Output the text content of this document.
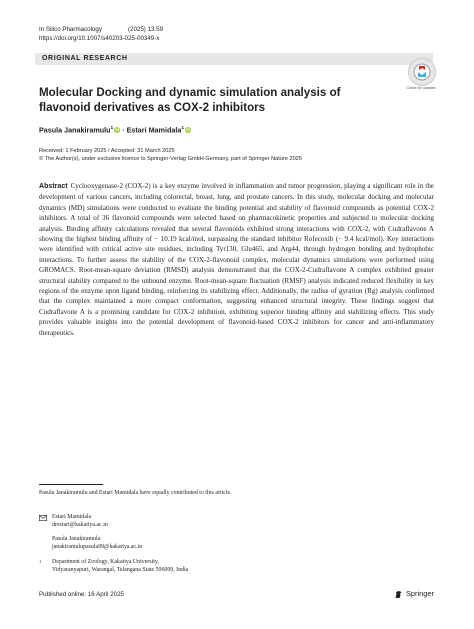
In Silico Pharmacology	(2025) 13:59
https://doi.org/10.1007/s40203-025-00349-x
ORIGINAL RESEARCH
Check for updates
Molecular Docking and dynamic simulation analysis of flavonoid derivatives as COX-2 inhibitors
Pasula Janakiramulu$^1$ iD · Estari Mamidala$^1$ iD
Received: 1 February 2025 / Accepted: 31 March 2025
© The Author(s), under exclusive licence to Springer-Verlag GmbH Germany, part of Springer Nature 2025
Abstract Cyclooxygenase-2 (COX-2) is a key enzyme involved in inflammation and tumor progression, playing a significant role in the development of various cancers, including colorectal, breast, lung, and prostate cancers. In this study, molecular docking and molecular dynamics (MD) simulations were conducted to evaluate the binding potential and stability of flavonoid compounds as potential COX-2 inhibitors. A total of 36 flavonoid compounds were selected based on pharmacokinetic properties and subjected to molecular docking analysis. Binding affinity calculations revealed that several flavonoids exhibited strong interactions with COX-2, with Cudraflavone A showing the highest binding affinity of − 10.19 kcal/mol, surpassing the standard inhibitor Rofecoxib (− 9.4 kcal/mol). Key interactions were identified with critical active site residues, including Tyr130, Glu465, and Arg44, through hydrogen bonding and hydrophobic interactions. To further assess the stability of the COX-2-flavonoid complex, molecular dynamics simulations were performed using GROMACS. Root-mean-square deviation (RMSD) analysis demonstrated that the COX-2-Cudraflavone A complex exhibited greater structural stability compared to the unbound enzyme. Root-mean-square fluctuation (RMSF) analysis indicated reduced flexibility in key regions of the enzyme upon ligand binding, reinforcing its stabilizing effect. Additionally, the radius of gyration (Rg) analysis confirmed that the complex maintained a more compact conformation, suggesting enhanced structural integrity. These findings suggest that Cudraflavone A is a promising candidate for COX-2 inhibition, exhibiting superior binding affinity and stabilizing effects. This study provides valuable insights into the potential development of flavonoid-based COX-2 inhibitors for cancer and anti-inflammatory therapeutics.
Pasula Janakiramulu and Estari Mamidala have equally contributed to this article.
Estari Mamidala
drestari@kakatiya.ac.in
Pasula Janakiramulu
janakiramulupasula99@kakatiya.ac.in
1 Department of Zoology, Kakatiya University,
Vidyaranyapuri, Warangal, Telangana State 506009, India
Published online: 16 April 2025	Springer
